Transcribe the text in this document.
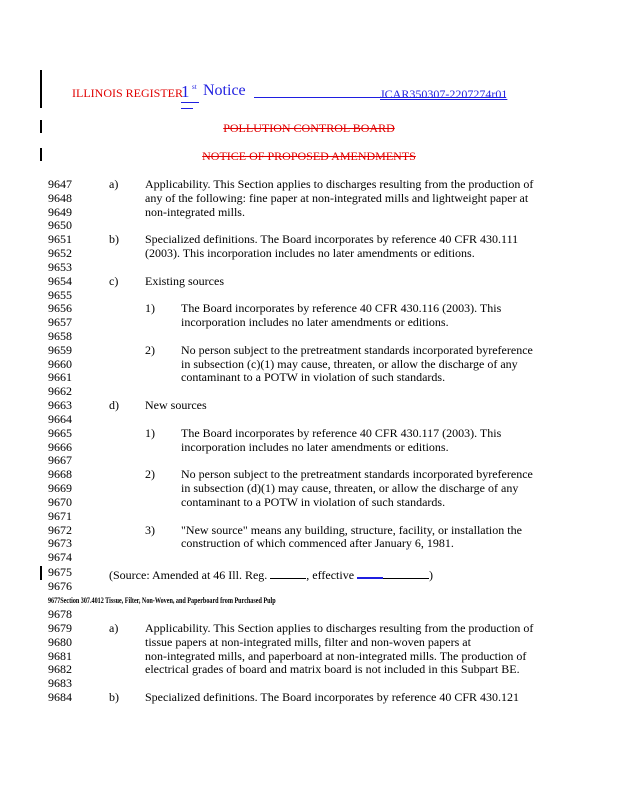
ILLINOIS REGISTER
1 st Notice	JCAR350307-2207274r01
POLLUTION CONTROL BOARD
NOTICE OF PROPOSED AMENDMENTS
9647	a) Applicability. This Section applies to discharges resulting from the production of
9648	any of the following: fine paper at non-integrated mills and lightweight paper at
9649	non-integrated mills.
9650
9651	b) Specialized definitions. The Board incorporates by reference 40 CFR 430.111
9652	(2003). This incorporation includes no later amendments or editions.
9653
9654	c) Existing sources
9655
9656	1) The Board incorporates by reference 40 CFR 430.116 (2003). This
9657	incorporation includes no later amendments or editions.
9658
9659	2) No person subject to the pretreatment standards incorporated byreference
9660	in subsection (c)(1) may cause, threaten, or allow the discharge of any
9661	contaminant to a POTW in violation of such standards.
9662
9663	d) New sources
9664
9665	1) The Board incorporates by reference 40 CFR 430.117 (2003). This
9666	incorporation includes no later amendments or editions.
9667
9668	2) No person subject to the pretreatment standards incorporated byreference
9669	in subsection (d)(1) may cause, threaten, or allow the discharge of any
9670	contaminant to a POTW in violation of such standards.
9671
9672	3) "New source" means any building, structure, facility, or installation the
9673	construction of which commenced after January 6, 1981.
9674
9675	(Source: Amended at 46 Ill. Reg.	, effective	)
9677Section 307.4012 Tissue, Filter, Non-Woven, and Paperboard from Purchased Pulp
9676
9678
9679	a) Applicability. This Section applies to discharges resulting from the production of
9680	tissue papers at non-integrated mills, filter and non-woven papers at
9681	non-integrated mills, and paperboard at non-integrated mills. The production of
9682	electrical grades of board and matrix board is not included in this Subpart BE.
9683
9684	b) Specialized definitions. The Board incorporates by reference 40 CFR 430.121
